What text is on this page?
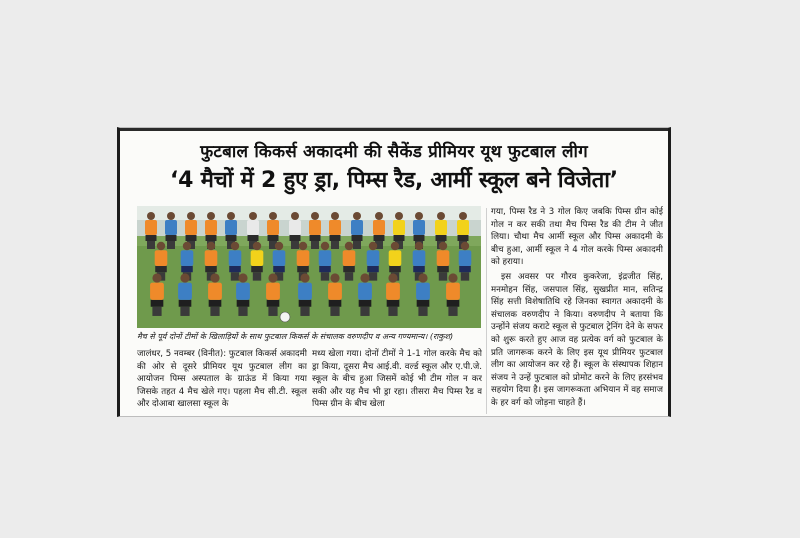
फुटबाल किकर्स अकादमी की सैकेंड प्रीमियर यूथ फुटबाल लीग
‘4 मैचों में 2 हुए ड्रा, पिम्स रैड, आर्मी स्कूल बने विजेता’
मैच से पूर्व दोनों टीमों के खिलाड़ियों के साथ फुटबाल किकर्स के संचालक वरुणदीप व अन्य गण्यमान्य। (राकुश)

जालंधर, 5 नवम्बर (विनीत): फुटबाल किकर्स अकादमी की ओर से दूसरे प्रीमियर यूथ फुटबाल लीग का आयोजन पिम्स अस्पताल के ग्राऊंड में किया गया जिसके तहत 4 मैच खेले गए। पहला मैच सी.टी. स्कूल और दोआबा खालसा स्कूल के

मध्य खेला गया। दोनों टीमों ने 1-1 गोल करके मैच को ड्रा किया, दूसरा मैच आई.वी. वर्ल्ड स्कूल और ए.पी.जे. स्कूल के बीच हुआ जिसमें कोई भी टीम गोल न कर सकी और यह मैच भी ड्रा रहा। तीसरा मैच पिम्स रैड व पिम्स ग्रीन के बीच खेला

गया, पिम्स रैड ने 3 गोल किए जबकि पिम्स ग्रीन कोई गोल न कर सकी तथा मैच पिम्स रैड की टीम ने जीत लिया। चौथा मैच आर्मी स्कूल और पिम्स अकादमी के बीच हुआ, आर्मी स्कूल ने 4 गोल करके पिम्स अकादमी को हराया।

इस अवसर पर गौरव कुकरेजा, इंद्रजीत सिंह, मनमोहन सिंह, जसपाल सिंह, सुखप्रीत मान, सतिन्द्र सिंह सत्ती विशेषातिथि रहे जिनका स्वागत अकादमी के संचालक वरुणदीप ने किया। वरुणदीप ने बताया कि उन्होंने संजय कराटे स्कूल से फुटबाल ट्रेनिंग देने के सफर को शुरू करते हुए आज वह प्रत्येक वर्ग को फुटबाल के प्रति जागरूक करने के लिए इस यूथ प्रीमियर फुटबाल लीग का आयोजन कर रहे हैं। स्कूल के संस्थापक शिहान संजय ने उन्हें फुटबाल को प्रोमोट करने के लिए हरसंभव सहयोग दिया है। इस जागरूकता अभियान में वह समाज के हर वर्ग को जोड़ना चाहते हैं।
